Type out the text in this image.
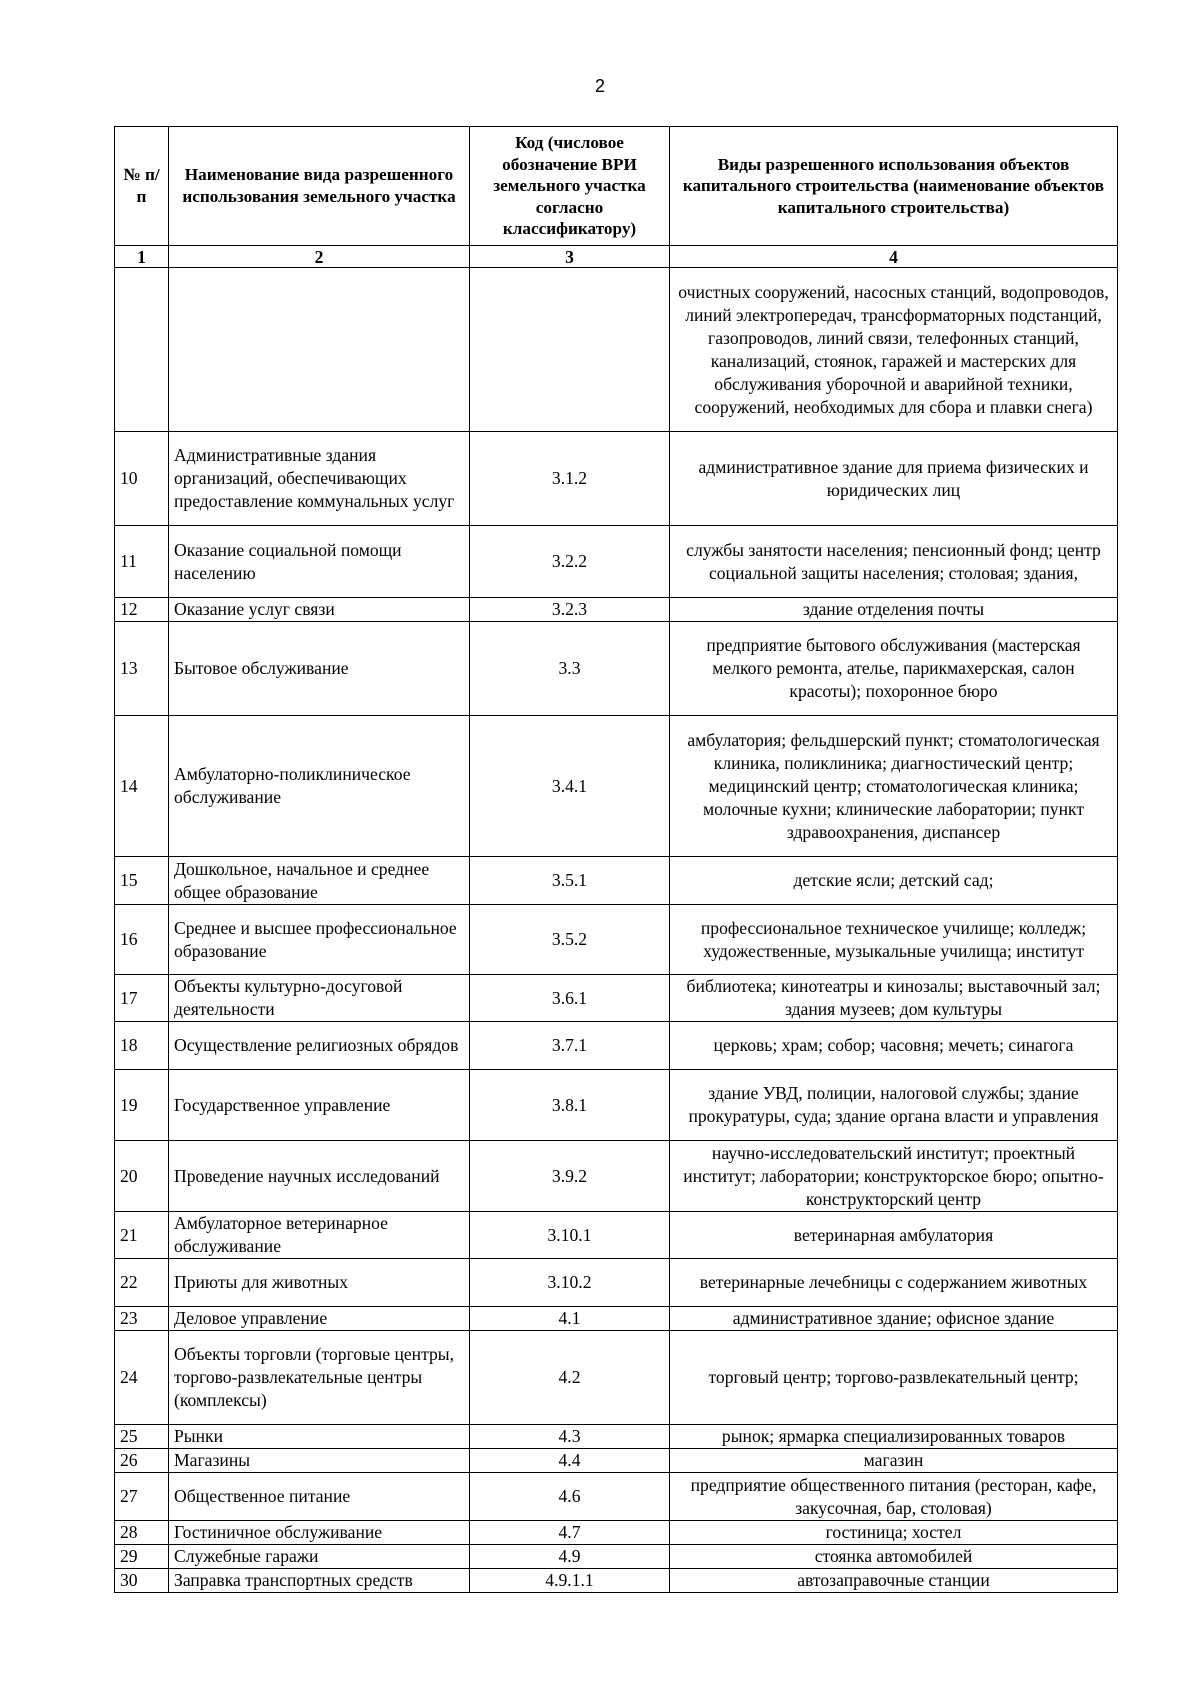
2
№ п/п	Наименование вида разрешенного использования земельного участка	Код (числовое обозначение ВРИ земельного участка согласно классификатору)	Виды разрешенного использования объектов капитального строительства (наименование объектов капитального строительства)
1	2	3	4
			очистных сооружений, насосных станций, водопроводов, линий электропередач, трансформаторных подстанций, газопроводов, линий связи, телефонных станций, канализаций, стоянок, гаражей и мастерских для обслуживания уборочной и аварийной техники, сооружений, необходимых для сбора и плавки снега)
10	Административные здания организаций, обеспечивающих предоставление коммунальных услуг	3.1.2	административное здание для приема физических и юридических лиц
11	Оказание социальной помощи населению	3.2.2	службы занятости населения; пенсионный фонд; центр социальной защиты населения; столовая; здания,
12	Оказание услуг связи	3.2.3	здание отделения почты
13	Бытовое обслуживание	3.3	предприятие бытового обслуживания (мастерская мелкого ремонта, ателье, парикмахерская, салон красоты); похоронное бюро
14	Амбулаторно-поликлиническое обслуживание	3.4.1	амбулатория; фельдшерский пункт; стоматологическая клиника, поликлиника; диагностический центр; медицинский центр; стоматологическая клиника; молочные кухни; клинические лаборатории; пункт здравоохранения, диспансер
15	Дошкольное, начальное и среднее общее образование	3.5.1	детские ясли; детский сад;
16	Среднее и высшее профессиональное образование	3.5.2	профессиональное техническое училище; колледж; художественные, музыкальные училища; институт
17	Объекты культурно-досуговой деятельности	3.6.1	библиотека; кинотеатры и кинозалы; выставочный зал; здания музеев; дом культуры
18	Осуществление религиозных обрядов	3.7.1	церковь; храм; собор; часовня; мечеть; синагога
19	Государственное управление	3.8.1	здание УВД, полиции, налоговой службы; здание прокуратуры, суда; здание органа власти и управления
20	Проведение научных исследований	3.9.2	научно-исследовательский институт; проектный институт; лаборатории; конструкторское бюро; опытно- конструкторский центр
21	Амбулаторное ветеринарное обслуживание	3.10.1	ветеринарная амбулатория
22	Приюты для животных	3.10.2	ветеринарные лечебницы с содержанием животных
23	Деловое управление	4.1	административное здание; офисное здание
24	Объекты торговли (торговые центры, торгово-развлекательные центры (комплексы)	4.2	торговый центр; торгово-развлекательный центр;
25	Рынки	4.3	рынок; ярмарка специализированных товаров
26	Магазины	4.4	магазин
27	Общественное питание	4.6	предприятие общественного питания (ресторан, кафе, закусочная, бар, столовая)
28	Гостиничное обслуживание	4.7	гостиница; хостел
29	Служебные гаражи	4.9	стоянка автомобилей
30	Заправка транспортных средств	4.9.1.1	автозаправочные станции
